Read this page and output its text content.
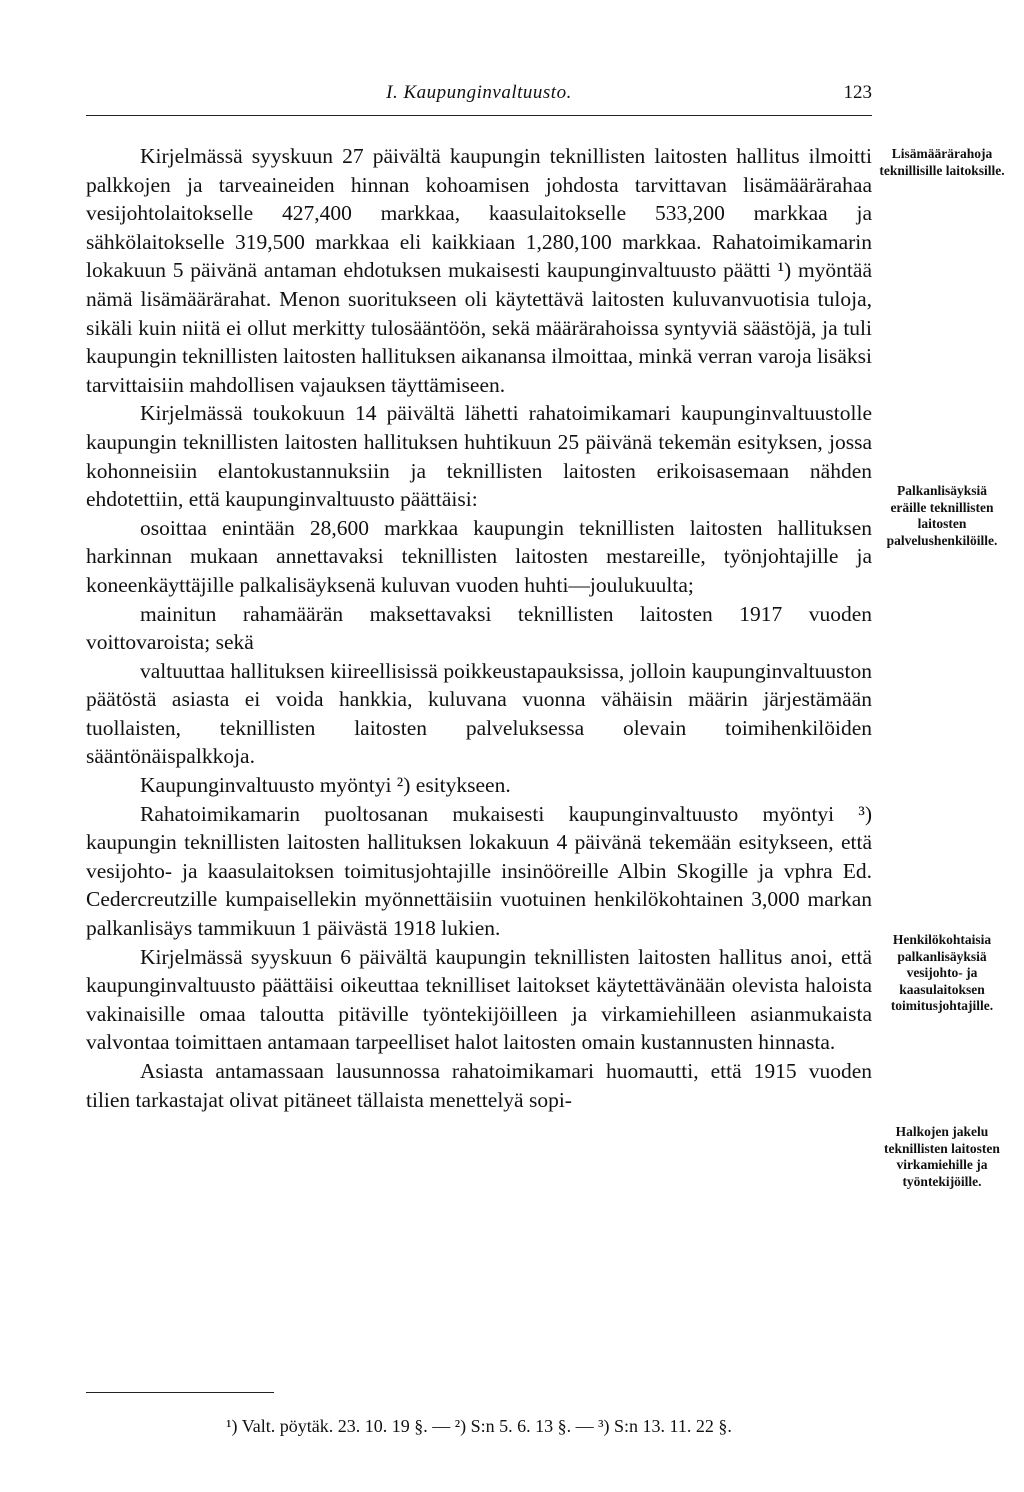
I. Kaupunginvaltuusto.	123

Kirjelmässä syyskuun 27 päivältä kaupungin teknillisten laitosten hallitus ilmoitti palkkojen ja tarveaineiden hinnan kohoamisen johdosta tarvittavan lisämäärärahaa vesijohtolaitokselle 427,400 markkaa, kaasulaitokselle 533,200 markkaa ja sähkölaitokselle 319,500 markkaa eli kaikkiaan 1,280,100 markkaa. Rahatoimikamarin lokakuun 5 päivänä antaman ehdotuksen mukaisesti kaupunginvaltuusto päätti ¹) myöntää nämä lisämäärärahat. Menon suoritukseen oli käytettävä laitosten kuluvanvuotisia tuloja, sikäli kuin niitä ei ollut merkitty tulosääntöön, sekä määrärahoissa syntyviä säästöjä, ja tuli kaupungin teknillisten laitosten hallituksen aikanansa ilmoittaa, minkä verran varoja lisäksi tarvittaisiin mahdollisen vajauksen täyttämiseen.

Kirjelmässä toukokuun 14 päivältä lähetti rahatoimikamari kaupunginvaltuustolle kaupungin teknillisten laitosten hallituksen huhtikuun 25 päivänä tekemän esityksen, jossa kohonneisiin elantokustannuksiin ja teknillisten laitosten erikoisasemaan nähden ehdotettiin, että kaupunginvaltuusto päättäisi:

osoittaa enintään 28,600 markkaa kaupungin teknillisten laitosten hallituksen harkinnan mukaan annettavaksi teknillisten laitosten mestareille, työnjohtajille ja koneenkäyttäjille palkalisäyksenä kuluvan vuoden huhti—joulukuulta;

mainitun rahamäärän maksettavaksi teknillisten laitosten 1917 vuoden voittovaroista; sekä

valtuuttaa hallituksen kiireellisissä poikkeustapauksissa, jolloin kaupunginvaltuuston päätöstä asiasta ei voida hankkia, kuluvana vuonna vähäisin määrin järjestämään tuollaisten, teknillisten laitosten palveluksessa olevain toimihenkilöiden sääntönäispalkkoja.

Kaupunginvaltuusto myöntyi ²) esitykseen.

Rahatoimikamarin puoltosanan mukaisesti kaupunginvaltuusto myöntyi ³) kaupungin teknillisten laitosten hallituksen lokakuun 4 päivänä tekemään esitykseen, että vesijohto- ja kaasulaitoksen toimitusjohtajille insinööreille Albin Skogille ja vphra Ed. Cedercreutzille kumpaisellekin myönnettäisiin vuotuinen henkilökohtainen 3,000 markan palkanlisäys tammikuun 1 päivästä 1918 lukien.

Kirjelmässä syyskuun 6 päivältä kaupungin teknillisten laitosten hallitus anoi, että kaupunginvaltuusto päättäisi oikeuttaa teknilliset laitokset käytettävänään olevista haloista vakinaisille omaa taloutta pitäville työntekijöilleen ja virkamiehilleen asianmukaista valvontaa toimittaen antamaan tarpeelliset halot laitosten omain kustannusten hinnasta.

Asiasta antamassaan lausunnossa rahatoimikamari huomautti, että 1915 vuoden tilien tarkastajat olivat pitäneet tällaista menettelyä sopi-

Lisämäärärahoja teknillisille laitoksille.
Palkanlisäyksiä eräille teknillisten laitosten palvelushenkilöille.
Henkilökohtaisia palkanlisäyksiä vesijohto- ja kaasulaitoksen toimitusjohtajille.
Halkojen jakelu teknillisten laitosten virkamiehille ja työntekijöille.
¹) Valt. pöytäk. 23. 10. 19 §. — ²) S:n 5. 6. 13 §. — ³) S:n 13. 11. 22 §.
